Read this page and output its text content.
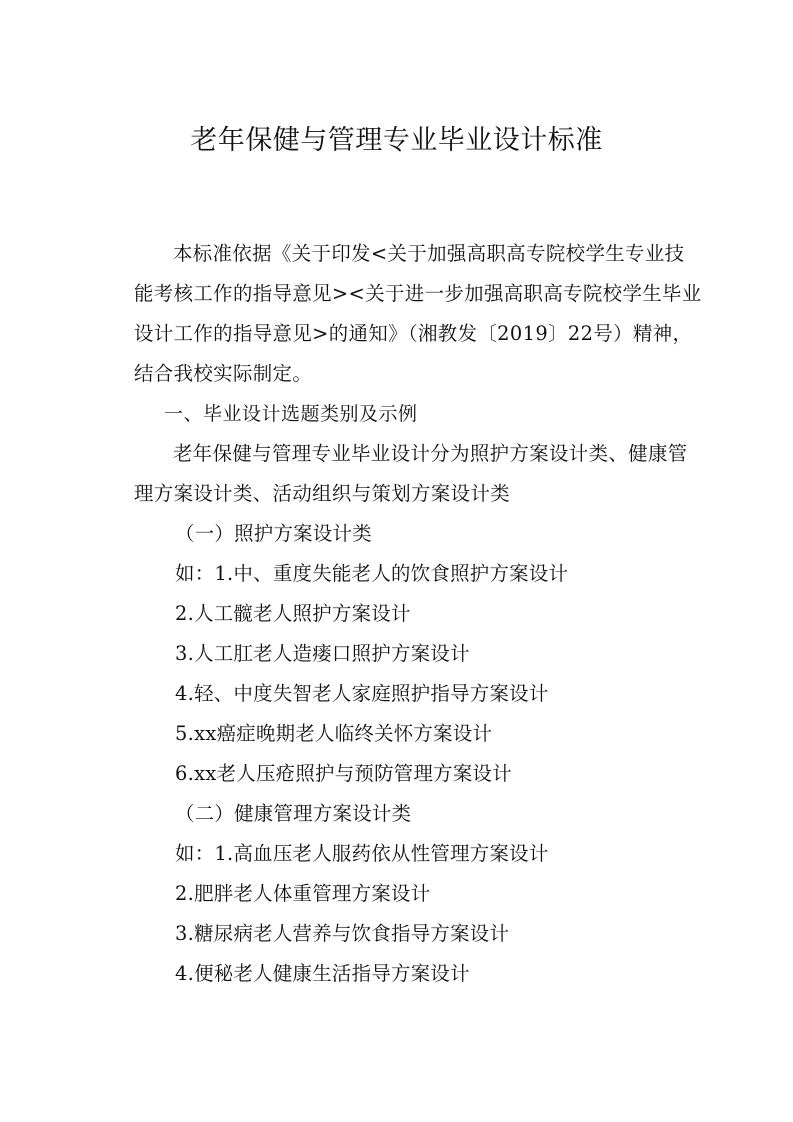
老年保健与管理专业毕业设计标准

本标准依据《关于印发<关于加强高职高专院校学生专业技能考核工作的指导意见><关于进一步加强高职高专院校学生毕业设计工作的指导意见>的通知》（湘教发〔2019〕22号）精神，结合我校实际制定。

一、毕业设计选题类别及示例

老年保健与管理专业毕业设计分为照护方案设计类、健康管理方案设计类、活动组织与策划方案设计类

（一）照护方案设计类

如：1.中、重度失能老人的饮食照护方案设计

2.人工髋老人照护方案设计

3.人工肛老人造瘘口照护方案设计

4.轻、中度失智老人家庭照护指导方案设计

5.xx癌症晚期老人临终关怀方案设计

6.xx老人压疮照护与预防管理方案设计

（二）健康管理方案设计类

如：1.高血压老人服药依从性管理方案设计

2.肥胖老人体重管理方案设计

3.糖尿病老人营养与饮食指导方案设计

4.便秘老人健康生活指导方案设计
